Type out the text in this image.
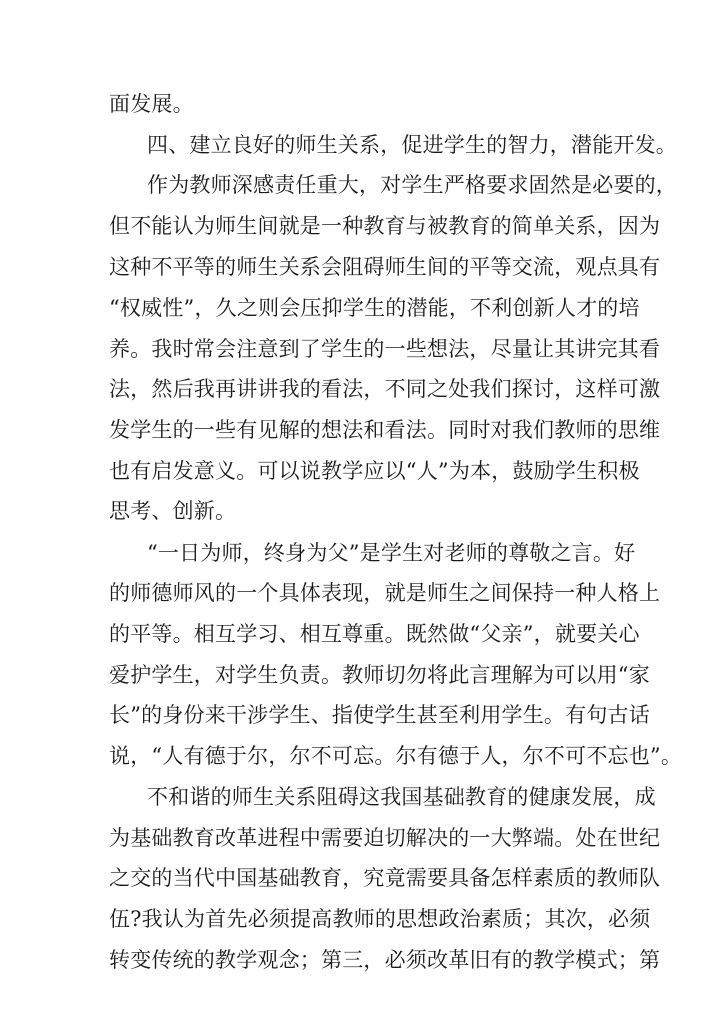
面发展。
四、建立良好的师生关系，促进学生的智力，潜能开发。
作为教师深感责任重大，对学生严格要求固然是必要的，
但不能认为师生间就是一种教育与被教育的简单关系，因为
这种不平等的师生关系会阻碍师生间的平等交流，观点具有
“权威性”，久之则会压抑学生的潜能，不利创新人才的培
养。我时常会注意到了学生的一些想法，尽量让其讲完其看
法，然后我再讲讲我的看法，不同之处我们探讨，这样可激
发学生的一些有见解的想法和看法。同时对我们教师的思维
也有启发意义。可以说教学应以“人”为本，鼓励学生积极
思考、创新。
“一日为师，终身为父”是学生对老师的尊敬之言。好
的师德师风的一个具体表现，就是师生之间保持一种人格上
的平等。相互学习、相互尊重。既然做“父亲”，就要关心
爱护学生，对学生负责。教师切勿将此言理解为可以用“家
长”的身份来干涉学生、指使学生甚至利用学生。有句古话
说，“人有德于尔，尔不可忘。尔有德于人，尔不可不忘也”。
不和谐的师生关系阻碍这我国基础教育的健康发展，成
为基础教育改革进程中需要迫切解决的一大弊端。处在世纪
之交的当代中国基础教育，究竟需要具备怎样素质的教师队
伍?我认为首先必须提高教师的思想政治素质；其次，必须
转变传统的教学观念；第三，必须改革旧有的教学模式；第
